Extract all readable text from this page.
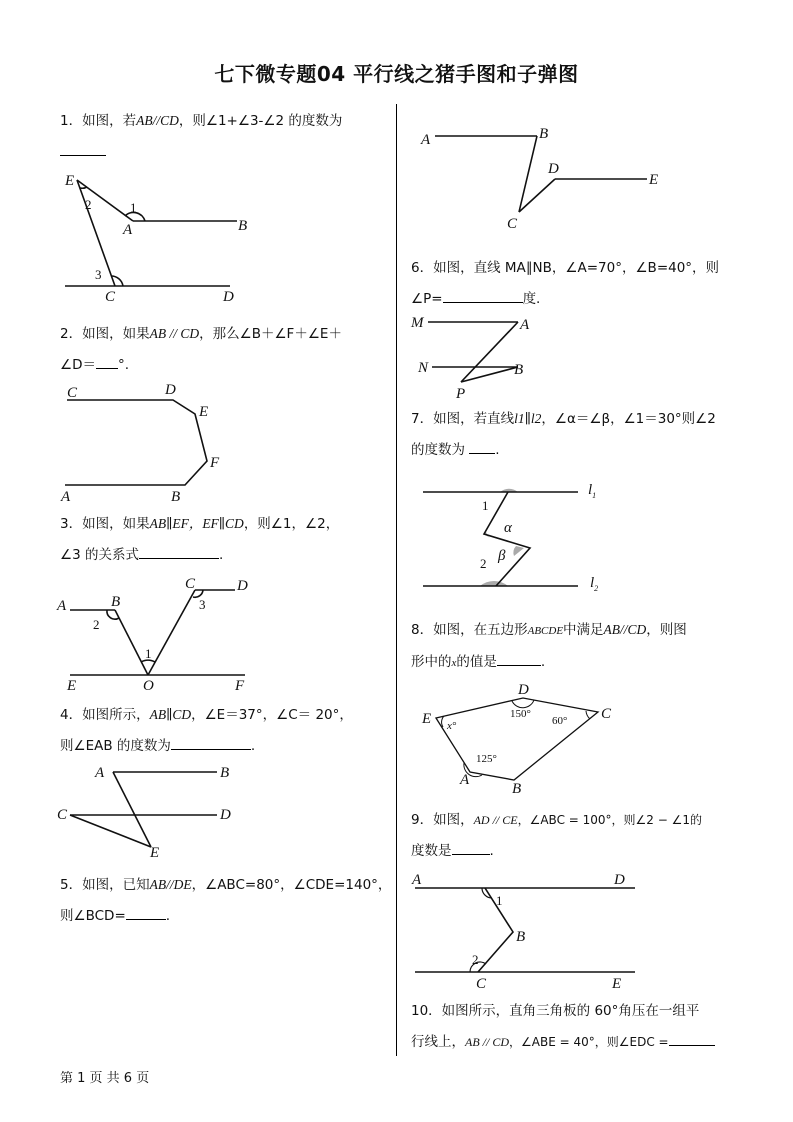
七下微专题04 平行线之猪手图和子弹图
1．如图，若AB//CD，则∠1+∠3-∠2 的度数为

E
A	B
C	D
1
2
3
2．如图，如果AB // CD，那么∠B＋∠F＋∠E＋
∠D＝ °.
C	D
E
F
A	B
3．如图，如果AB∥EF，EF∥CD，则∠1，∠2，
∠3 的关系式	.
A	B
C	D
E	O	F
1
2
3
4．如图所示，AB∥CD，∠E＝37°，∠C＝ 20°，
则∠EAB 的度数为	.
A	B
C	D
E
5．如图，已知AB//DE，∠ABC=80°，∠CDE=140°，
则∠BCD=	.
A	B
C
D
E
6．如图，直线 MA∥NB，∠A=70°，∠B=40°，则
∠P=	度.
M	A
N	B
P
7．如图，若直线l1∥l2，∠α＝∠β，∠1＝30°则∠2
的度数为 .
1
2
α
β
$l_1$
$l_2$
8．如图，在五边形ABCDE中满足AB//CD，则图
形中的x的值是	.
D
E	C
A
B
x°
150°
60°
125°
9．如图，AD // CE，∠ABC = 100°，则∠2 − ∠1的
度数是	.
A	D
C	E
B
1
2
10．如图所示，直角三角板的 60°角压在一组平
行线上，AB // CD，∠ABE = 40°，则∠EDC =
第 1 页 共 6 页
